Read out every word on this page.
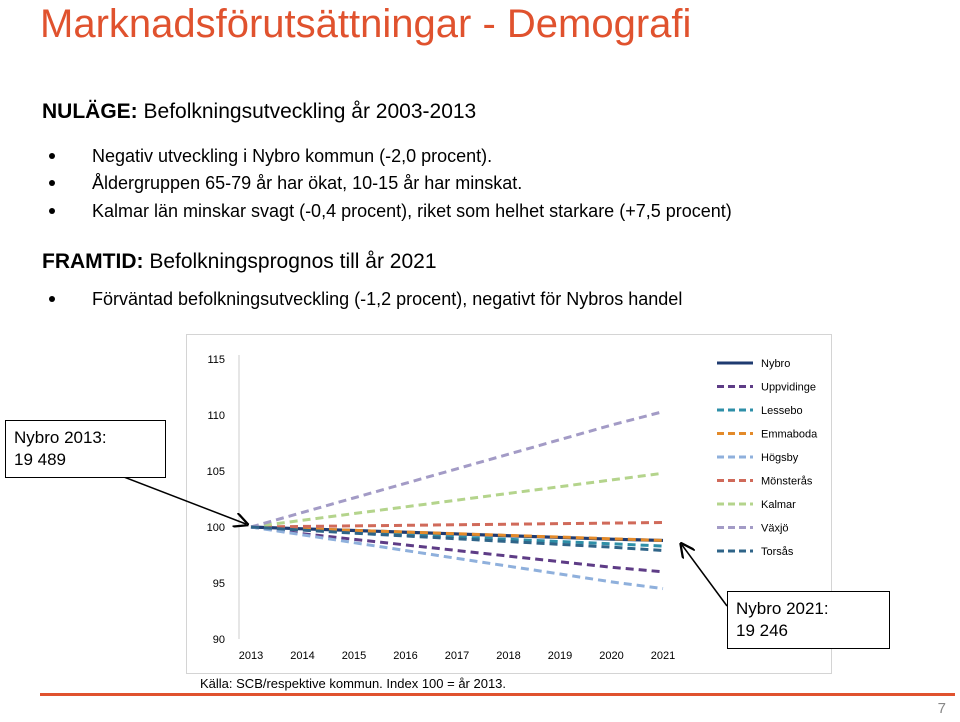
Marknadsförutsättningar - Demografi
NULÄGE: Befolkningsutveckling år 2003-2013
Negativ utveckling i Nybro kommun (-2,0 procent).
Åldergruppen 65-79 år har ökat, 10-15 år har minskat.
Kalmar län minskar svagt (-0,4 procent), riket som helhet starkare (+7,5 procent)
FRAMTID: Befolkningsprognos till år 2021
Förväntad befolkningsutveckling (-1,2 procent), negativt för Nybros handel
90
95
100
105
110
115
2013 2014 2015 2016 2017 2018 2019 2020 2021
Nybro
Uppvidinge
Lessebo
Emmaboda
Högsby
Mönsterås
Kalmar
Växjö
Torsås
Nybro 2013:
19 489
Nybro 2021:
19 246
Källa: SCB/respektive kommun. Index 100 = år 2013.
7
